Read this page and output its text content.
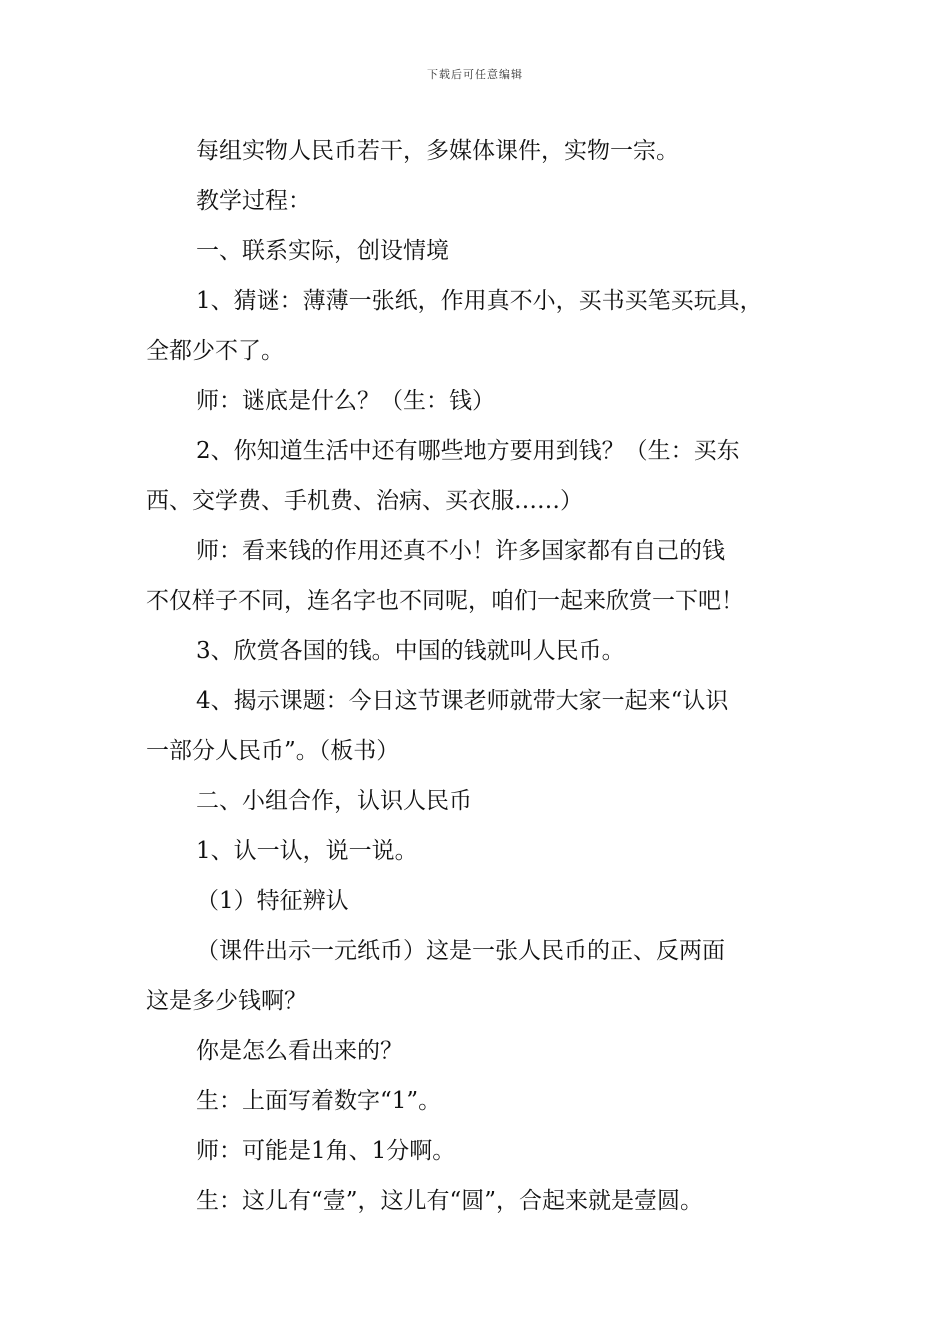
下载后可任意编辑

每组实物人民币若干，多媒体课件，实物一宗。

教学过程：

一、联系实际，创设情境

1、猜谜：薄薄一张纸，作用真不小，买书买笔买玩具，

全都少不了。

师：谜底是什么？（生：钱）

2、你知道生活中还有哪些地方要用到钱？（生：买东

西、交学费、手机费、治病、买衣服……）

师：看来钱的作用还真不小！许多国家都有自己的钱

不仅样子不同，连名字也不同呢，咱们一起来欣赏一下吧！

3、欣赏各国的钱。中国的钱就叫人民币。

4、揭示课题：今日这节课老师就带大家一起来“认识

一部分人民币”。（板书）

二、小组合作，认识人民币

1、认一认，说一说。

（1）特征辨认

（课件出示一元纸币）这是一张人民币的正、反两面

这是多少钱啊？

你是怎么看出来的？

生：上面写着数字“1”。

师：可能是1角、1分啊。

生：这儿有“壹”，这儿有“圆”，合起来就是壹圆。
